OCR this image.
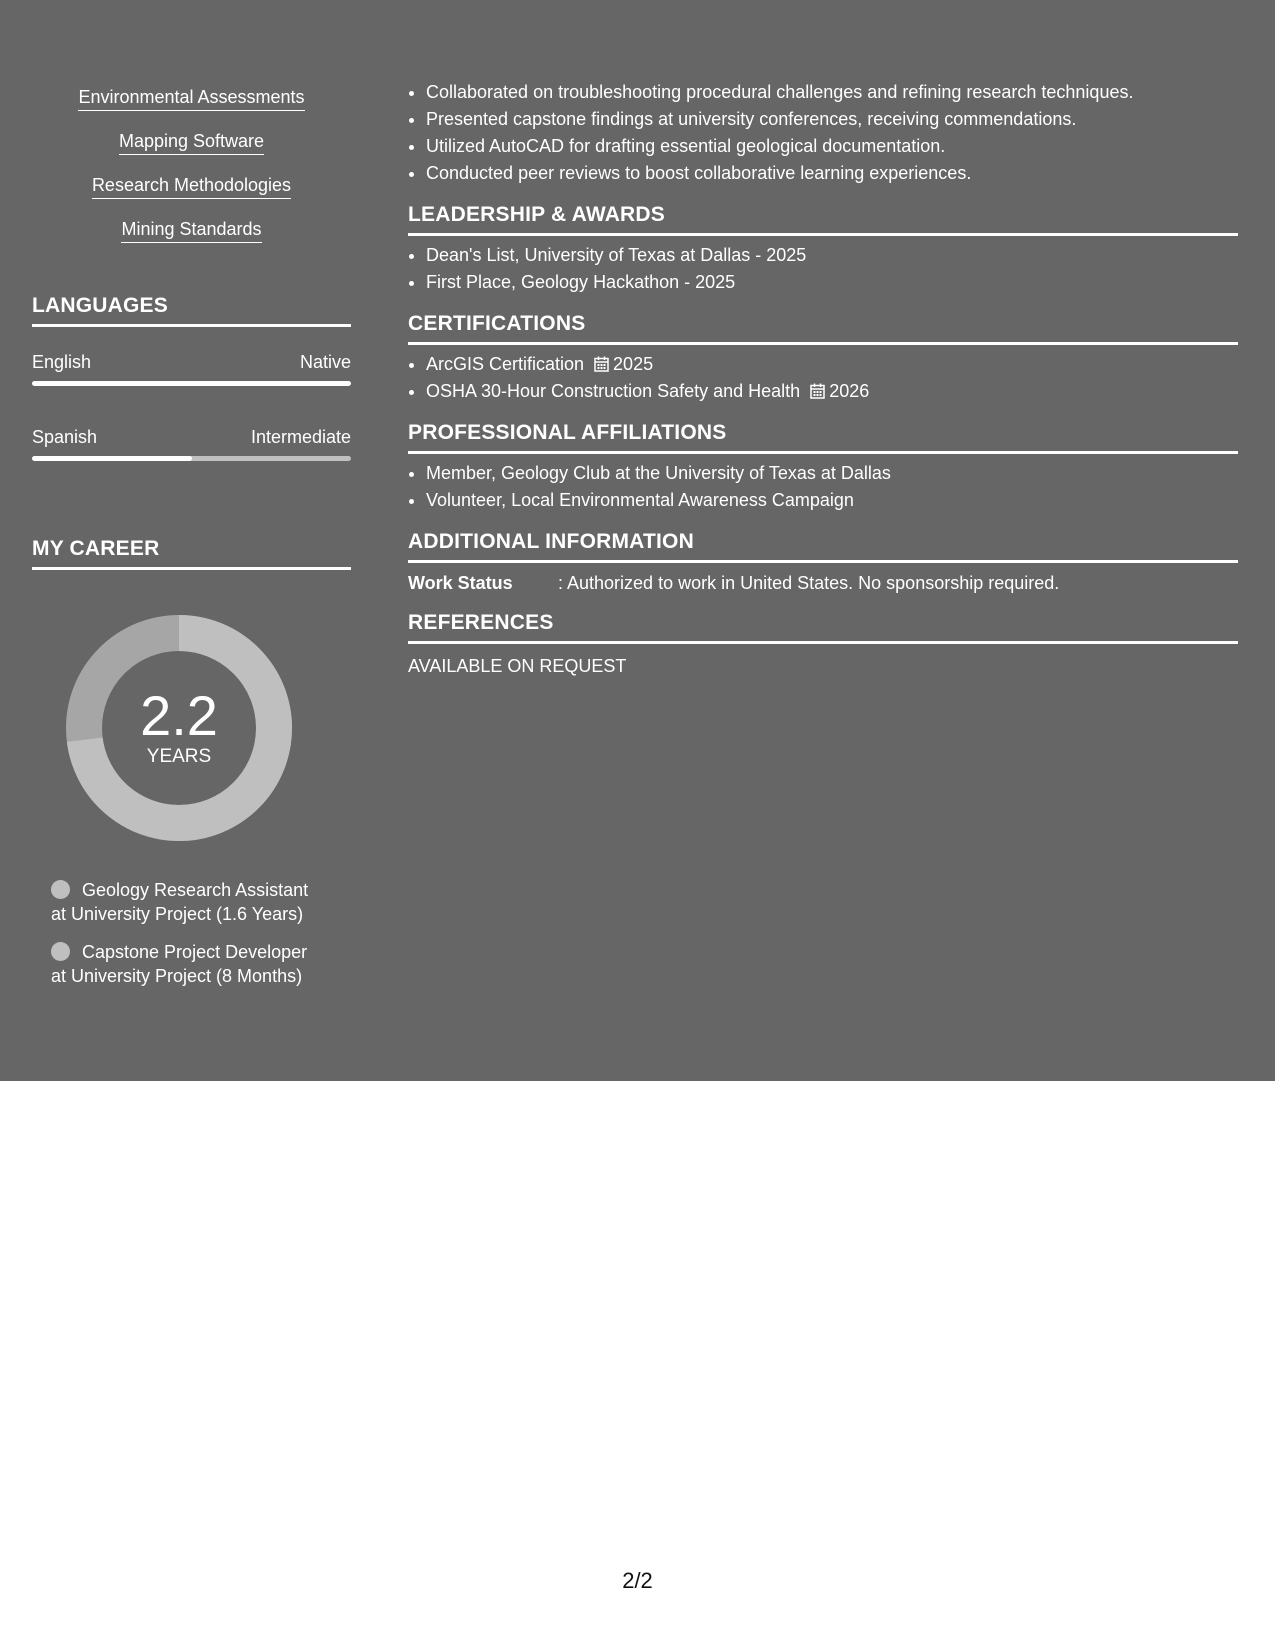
Environmental Assessments
Mapping Software
Research Methodologies
Mining Standards
LANGUAGES
English	Native
Spanish	Intermediate
MY CAREER
2.2
YEARS
Geology Research Assistant
at University Project (1.6 Years)
Capstone Project Developer
at University Project (8 Months)
• Collaborated on troubleshooting procedural challenges and refining research techniques.
• Presented capstone findings at university conferences, receiving commendations.
• Utilized AutoCAD for drafting essential geological documentation.
• Conducted peer reviews to boost collaborative learning experiences.
LEADERSHIP & AWARDS
• Dean's List, University of Texas at Dallas - 2025
• First Place, Geology Hackathon - 2025
CERTIFICATIONS
• ArcGIS Certification 2025
• OSHA 30-Hour Construction Safety and Health 2026
PROFESSIONAL AFFILIATIONS
• Member, Geology Club at the University of Texas at Dallas
• Volunteer, Local Environmental Awareness Campaign
ADDITIONAL INFORMATION
Work Status	: Authorized to work in United States. No sponsorship required.
REFERENCES
AVAILABLE ON REQUEST
2/2
